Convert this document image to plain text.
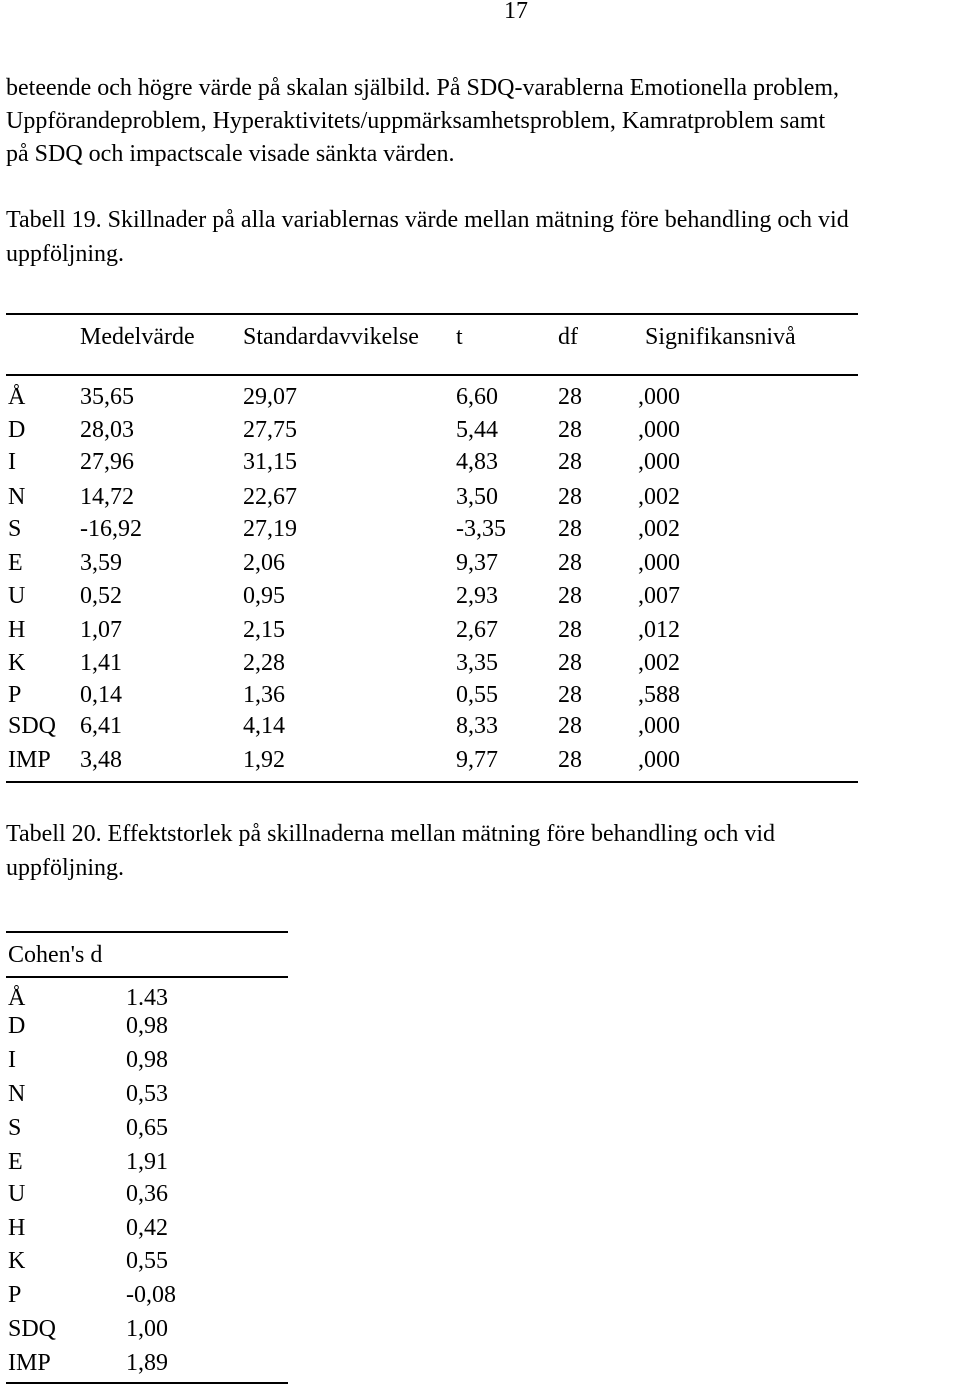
17
beteende och högre värde på skalan själbild. På SDQ-varablerna Emotionella problem,
Uppförandeproblem, Hyperaktivitets/uppmärksamhetsproblem, Kamratproblem samt
på SDQ och impactscale visade sänkta värden.
Tabell 19. Skillnader på alla variablernas värde mellan mätning före behandling och vid
uppföljning.
Medelvärde Standardavvikelse t	df	Signifikansnivå
Å 35,65	29,07	6,60	28 ,000
D 28,03	27,75	5,44	28 ,000
I	27,96	31,15	4,83	28 ,000
N 14,72	22,67	3,50	28 ,002
S -16,92	27,19	-3,35 28 ,002
E 3,59	2,06	9,37	28 ,000
U 0,52	0,95	2,93	28 ,007
H 1,07	2,15	2,67	28 ,012
K 1,41	2,28	3,35	28 ,002
P 0,14	1,36	0,55	28 ,588
SDQ 6,41	4,14	8,33	28 ,000
IMP 3,48	1,92	9,77	28 ,000
Tabell 20. Effektstorlek på skillnaderna mellan mätning före behandling och vid
uppföljning.
Cohen's d
Å	1.43
D	0,98
I	0,98
N	0,53
S	0,65
E	1,91
U	0,36
H	0,42
K	0,55
P	-0,08
SDQ	1,00
IMP	1,89
